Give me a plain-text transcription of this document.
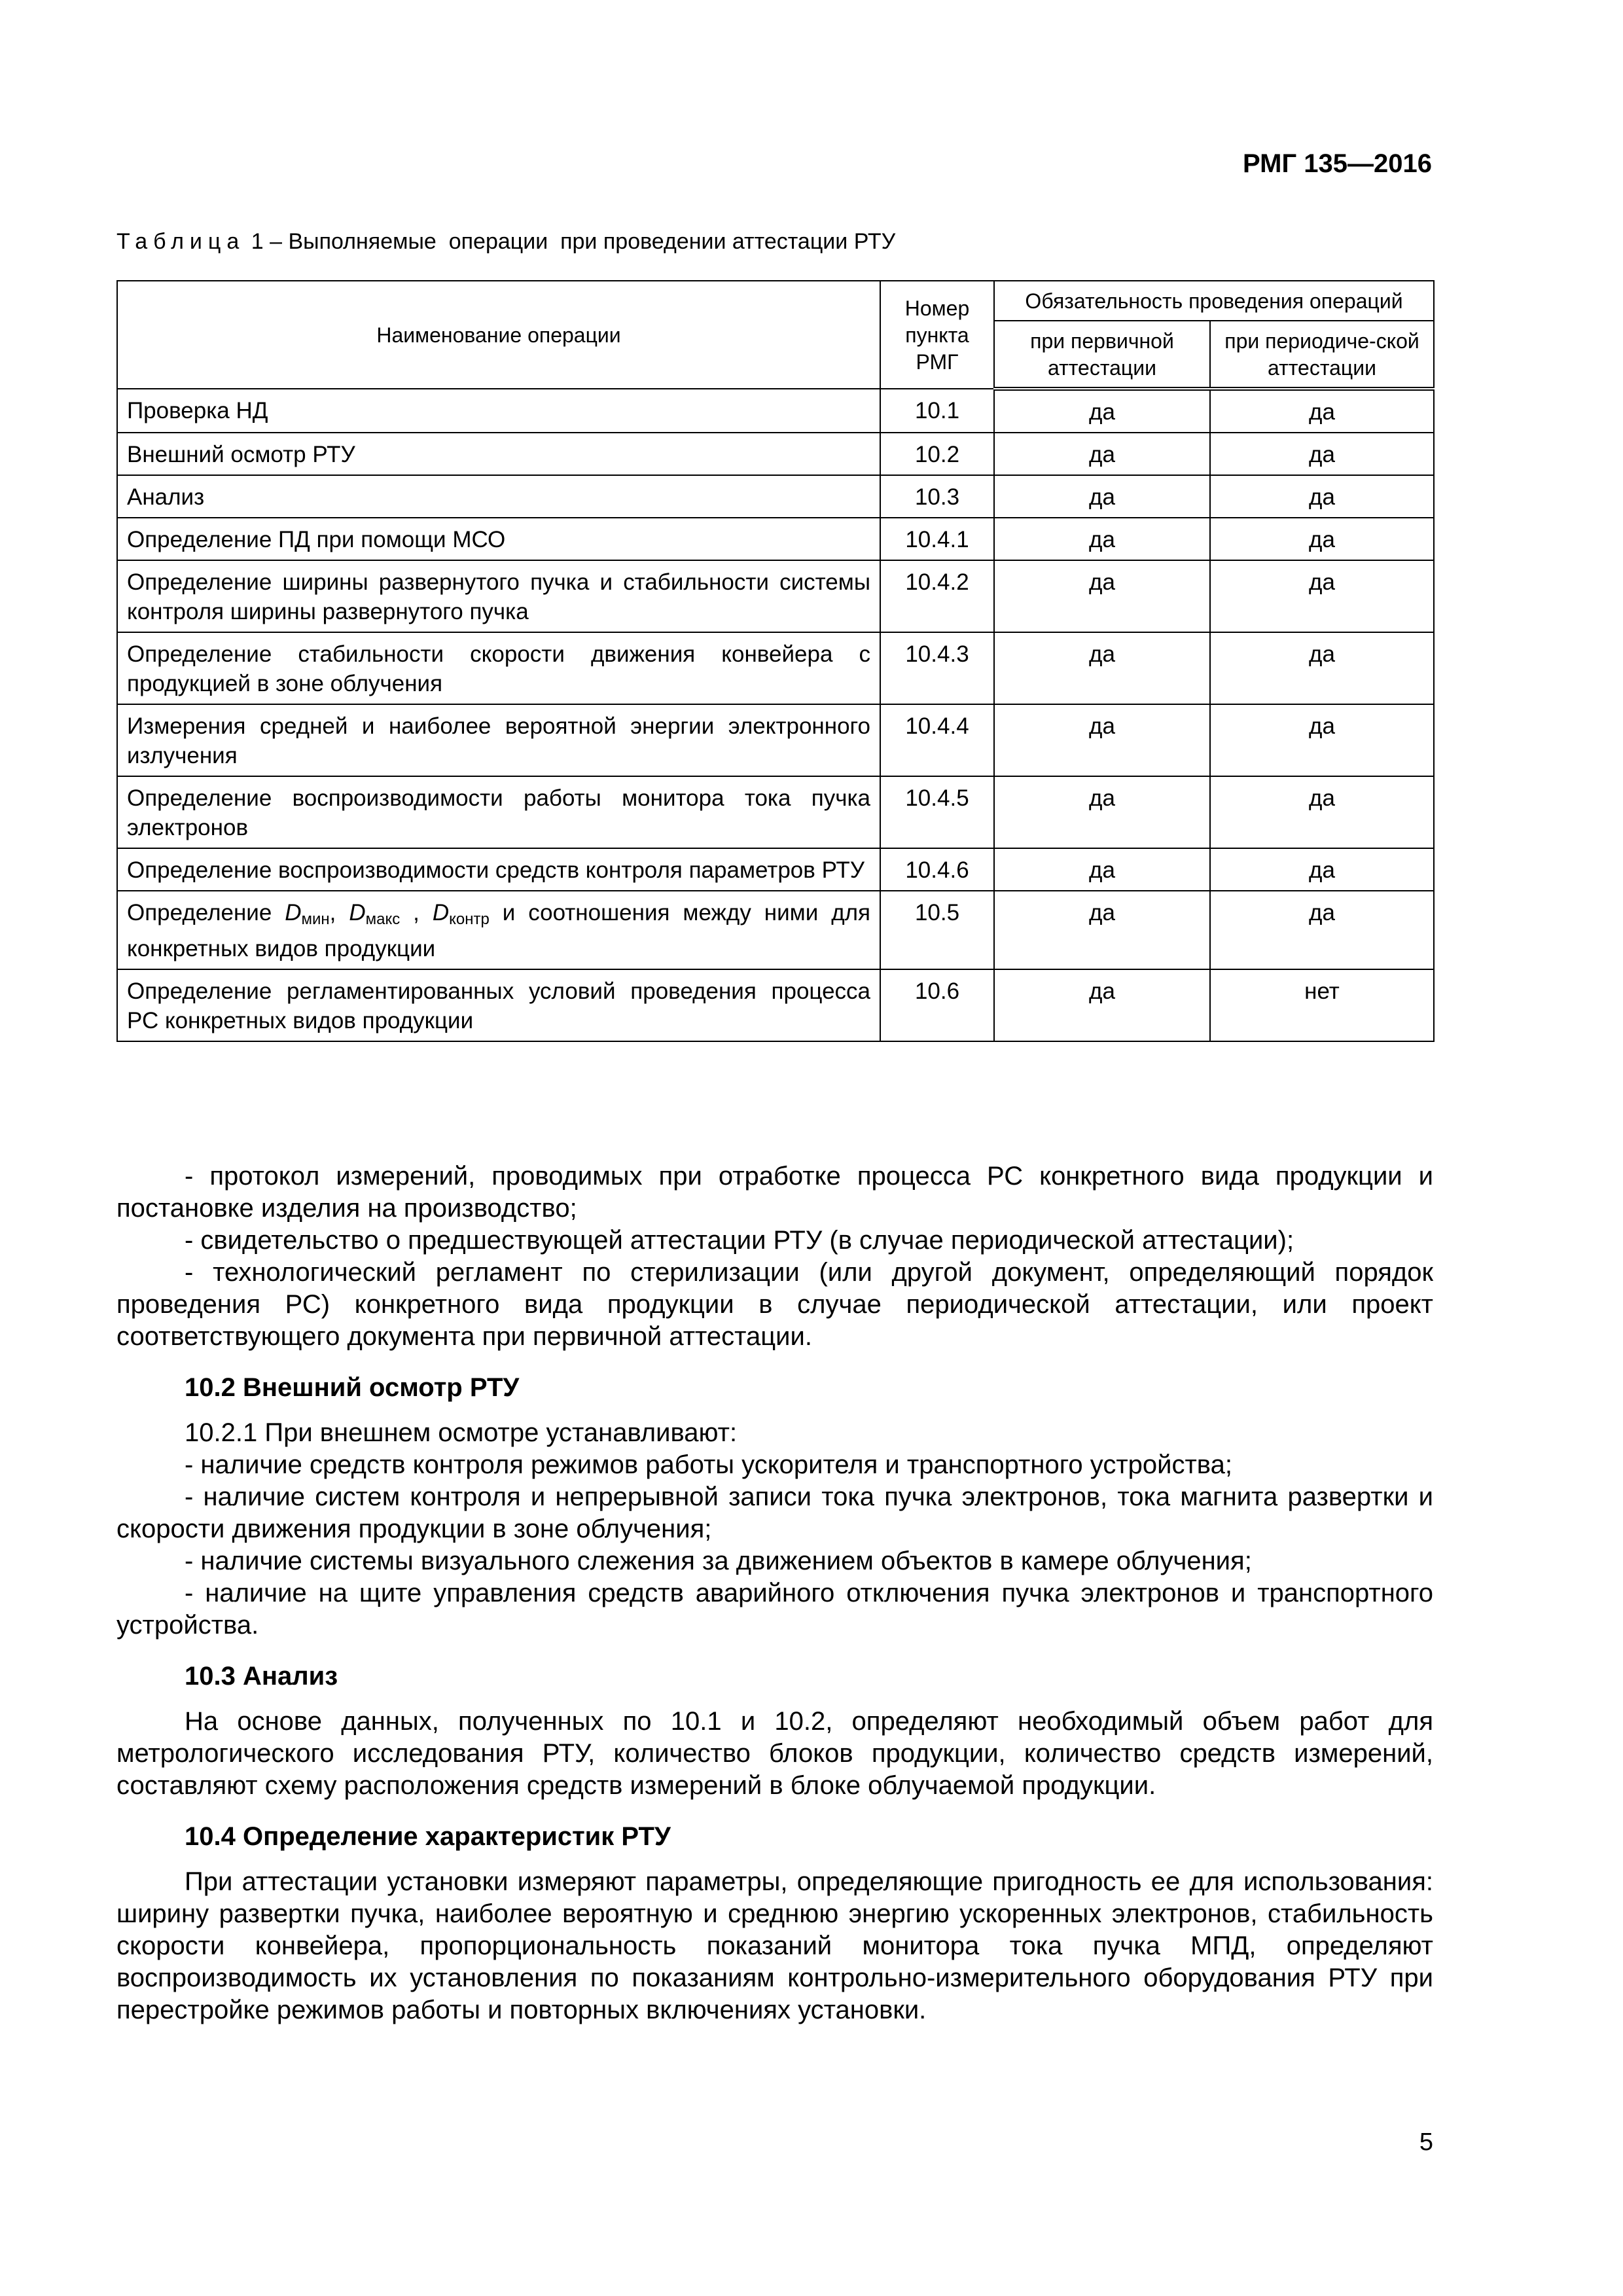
РМГ 135—2016
Таблица 1 – Выполняемые  операции  при проведении аттестации РТУ
Наименование операции	Номер пункта РМГ	Обязательность проведения операций	
		при первичной аттестации	при периодиче-ской аттестации
Проверка НД	10.1	да	да
Внешний осмотр РТУ	10.2	да	да
Анализ	10.3	да	да
Определение ПД при помощи МСО	10.4.1	да	да
Определение ширины развернутого пучка и стабильности системы контроля ширины развернутого пучка	10.4.2	да	да
Определение стабильности скорости движения конвейера с продукцией в зоне облучения	10.4.3	да	да
Измерения средней и наиболее вероятной энергии электронного излучения	10.4.4	да	да
Определение воспроизводимости работы монитора тока пучка электронов	10.4.5	да	да
Определение воспроизводимости средств контроля параметров РТУ	10.4.6	да	да
Определение $D_{мин}$, $D_{макс}$ , $D_{контр}$ и соотношения между ними для конкретных видов продукции	10.5	да	да
Определение регламентированных условий проведения процесса РС конкретных видов продукции	10.6	да	нет

- протокол измерений, проводимых при отработке процесса РС конкретного вида продукции и постановке изделия на производство;

- свидетельство о предшествующей аттестации РТУ (в случае периодической аттестации);

- технологический регламент по стерилизации (или другой документ, определяющий порядок проведения РС) конкретного вида продукции в случае периодической аттестации, или проект соответствующего документа при первичной аттестации.

10.2 Внешний осмотр РТУ

10.2.1 При внешнем осмотре устанавливают:

- наличие средств контроля режимов работы ускорителя и транспортного устройства;

- наличие систем контроля и непрерывной записи тока пучка электронов, тока магнита развертки и скорости движения продукции в зоне облучения;

- наличие системы визуального слежения за движением объектов в камере облучения;

- наличие на щите управления средств аварийного отключения пучка электронов и транспортного устройства.

10.3 Анализ

На основе данных, полученных по 10.1 и 10.2, определяют необходимый объем работ для метрологического исследования РТУ, количество блоков продукции, количество средств измерений, составляют схему расположения средств измерений в блоке облучаемой продукции.

10.4 Определение характеристик РТУ

При аттестации установки измеряют параметры, определяющие пригодность ее для использования: ширину развертки пучка, наиболее вероятную и среднюю энергию ускоренных электронов, стабильность скорости конвейера, пропорциональность показаний монитора тока пучка МПД, определяют воспроизводимость их установления по показаниям контрольно-измерительного оборудования РТУ при перестройке режимов работы и повторных включениях установки.

5
